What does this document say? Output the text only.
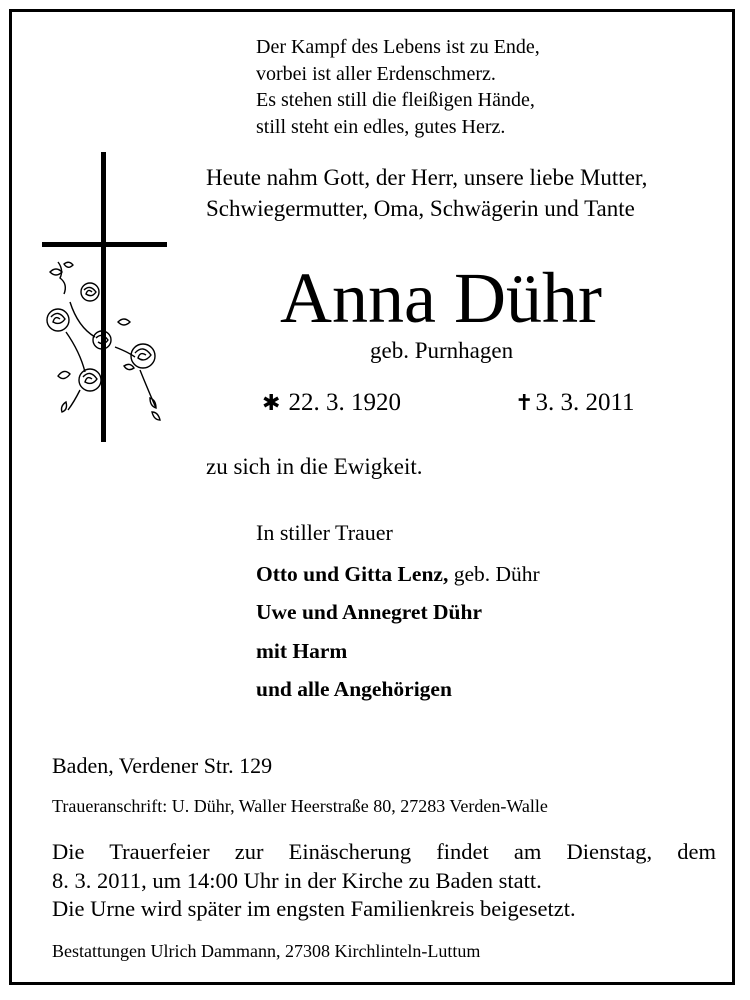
Der Kampf des Lebens ist zu Ende,
vorbei ist aller Erdenschmerz.
Es stehen still die fleißigen Hände,
still steht ein edles, gutes Herz.
Heute nahm Gott, der Herr, unsere liebe Mutter,
Schwiegermutter, Oma, Schwägerin und Tante
Anna Dühr
geb. Purnhagen
✱ 22. 3. 1920	✝3. 3. 2011
zu sich in die Ewigkeit.
In stiller Trauer
Otto und Gitta Lenz, geb. Dühr
Uwe und Annegret Dühr
mit Harm
und alle Angehörigen
Baden, Verdener Str. 129
Traueranschrift: U. Dühr, Waller Heerstraße 80, 27283 Verden-Walle
Die Trauerfeier zur Einäscherung findet am Dienstag, dem
8. 3. 2011, um 14:00 Uhr in der Kirche zu Baden statt.
Die Urne wird später im engsten Familienkreis beigesetzt.
Bestattungen Ulrich Dammann, 27308 Kirchlinteln-Luttum
